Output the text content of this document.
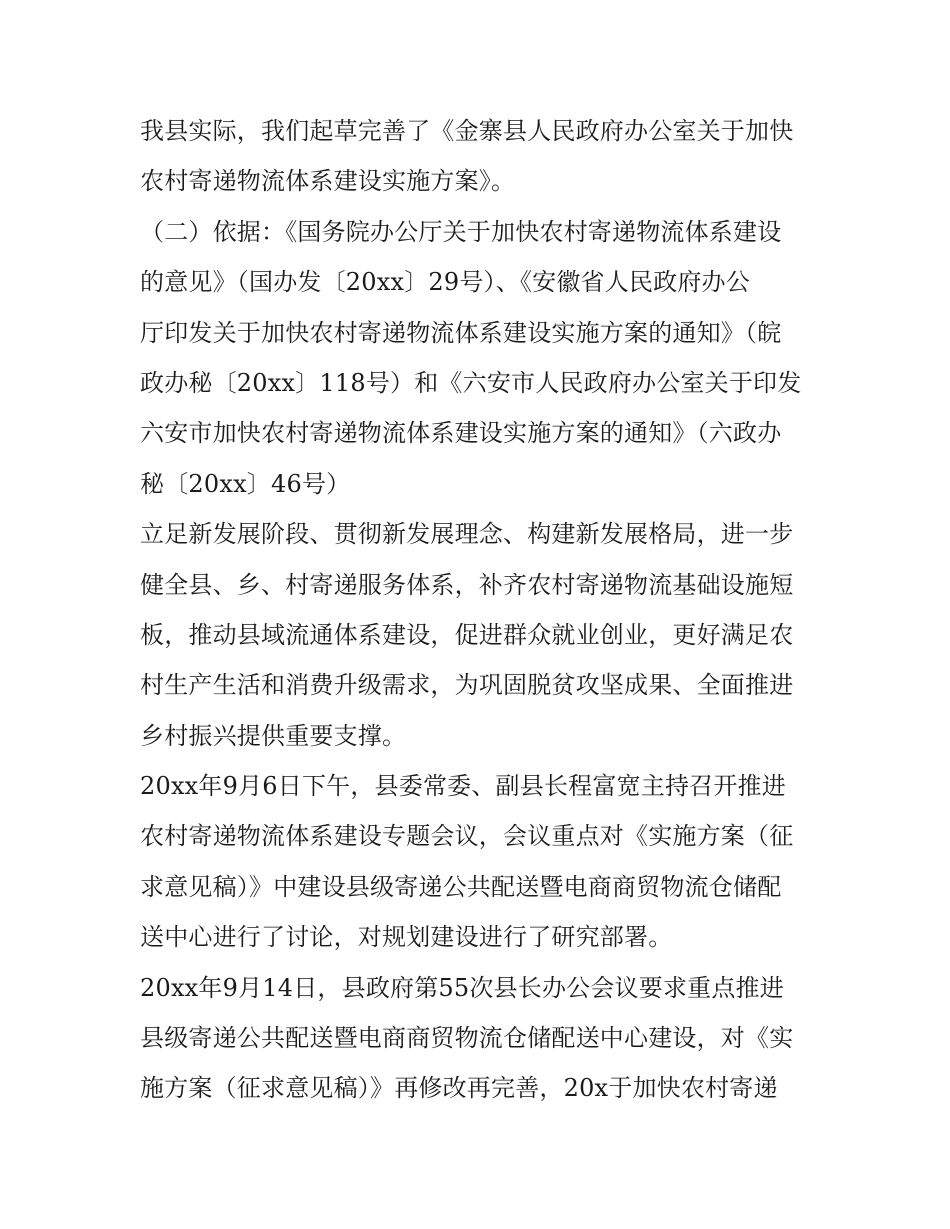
我县实际，我们起草完善了《金寨县人民政府办公室关于加快
农村寄递物流体系建设实施方案》。
（二）依据：《国务院办公厅关于加快农村寄递物流体系建设
的意见》（国办发〔20xx〕29号）、《安徽省人民政府办公
厅印发关于加快农村寄递物流体系建设实施方案的通知》（皖
政办秘〔20xx〕118号）和《六安市人民政府办公室关于印发
六安市加快农村寄递物流体系建设实施方案的通知》（六政办
秘〔20xx〕46号）
立足新发展阶段、贯彻新发展理念、构建新发展格局，进一步
健全县、乡、村寄递服务体系，补齐农村寄递物流基础设施短
板，推动县域流通体系建设，促进群众就业创业，更好满足农
村生产生活和消费升级需求，为巩固脱贫攻坚成果、全面推进
乡村振兴提供重要支撑。
20xx年9月6日下午，县委常委、副县长程富宽主持召开推进
农村寄递物流体系建设专题会议，会议重点对《实施方案（征
求意见稿）》中建设县级寄递公共配送暨电商商贸物流仓储配
送中心进行了讨论，对规划建设进行了研究部署。
20xx年9月14日，县政府第55次县长办公会议要求重点推进
县级寄递公共配送暨电商商贸物流仓储配送中心建设，对《实
施方案（征求意见稿）》再修改再完善，20x于加快农村寄递
